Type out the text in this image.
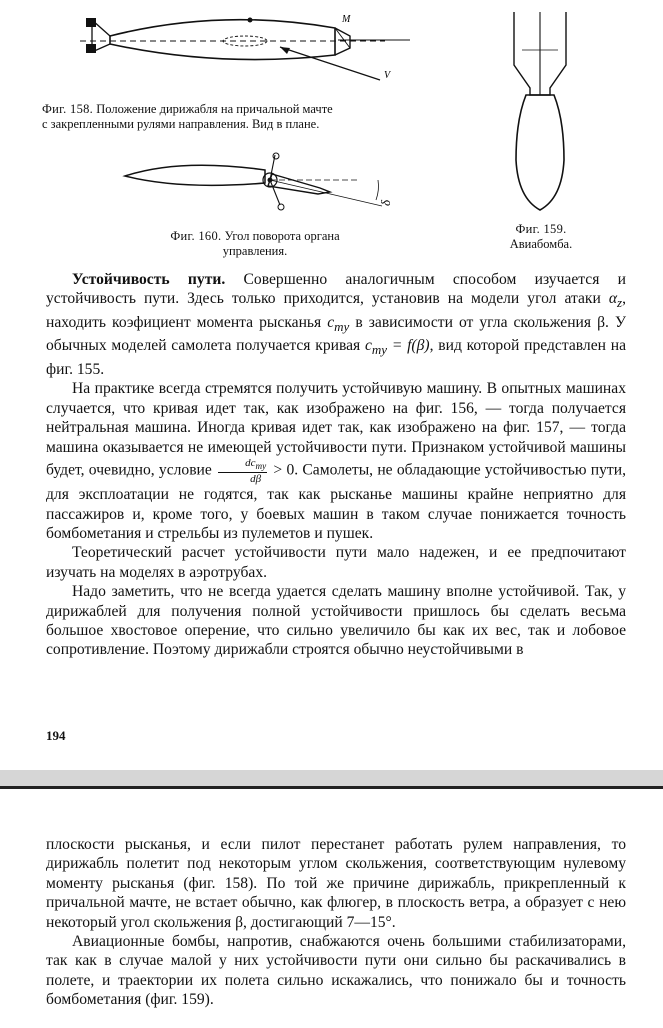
M
V
Фиг. 158. Положение дирижабля на причальной мачте
с закрепленными рулями направления. Вид в плане.
δ
Фиг. 160. Угол поворота органа
управления.
Фиг. 159.
Авиабомба.

Устойчивость пути. Совершенно аналогичным способом изучается и устойчивость пути. Здесь только приходится, установив на модели угол атаки $\alpha_z$, находить коэфициент момента рысканья $c_{my}$ в зависимости от угла скольжения β. У обычных моделей самолета получается кривая $c_{my} = f(\beta)$, вид которой представлен на фиг. 155.

На практике всегда стремятся получить устойчивую машину. В опытных машинах случается, что кривая идет так, как изображено на фиг. 156, — тогда получается нейтральная машина. Иногда кривая идет так, как изображено на фиг. 157, — тогда машина оказывается не имеющей устойчивости пути. Признаком устойчивой машины будет, очевидно, условие $\frac{dc_{my}}{d\beta} > 0$. Самолеты, не обладающие устойчивостью пути, для эксплоатации не годятся, так как рысканье машины крайне неприятно для пассажиров и, кроме того, у боевых машин в таком случае понижается точность бомбометания и стрельбы из пулеметов и пушек.

Теоретический расчет устойчивости пути мало надежен, и ее предпочитают изучать на моделях в аэротрубах.

Надо заметить, что не всегда удается сделать машину вполне устойчивой. Так, у дирижаблей для получения полной устойчивости пришлось бы сделать весьма большое хвостовое оперение, что сильно увеличило бы как их вес, так и лобовое сопротивление. Поэтому дирижабли строятся обычно неустойчивыми в

194

плоскости рысканья, и если пилот перестанет работать рулем направления, то дирижабль полетит под некоторым углом скольжения, соответствующим нулевому моменту рысканья (фиг. 158). По той же причине дирижабль, прикрепленный к причальной мачте, не встает обычно, как флюгер, в плоскость ветра, а образует с нею некоторый угол скольжения β, достигающий 7—15°.

Авиационные бомбы, напротив, снабжаются очень большими стабилизаторами, так как в случае малой у них устойчивости пути они сильно бы раскачивались в полете, и траектории их полета сильно искажались, что понижало бы и точность бомбометания (фиг. 159).
